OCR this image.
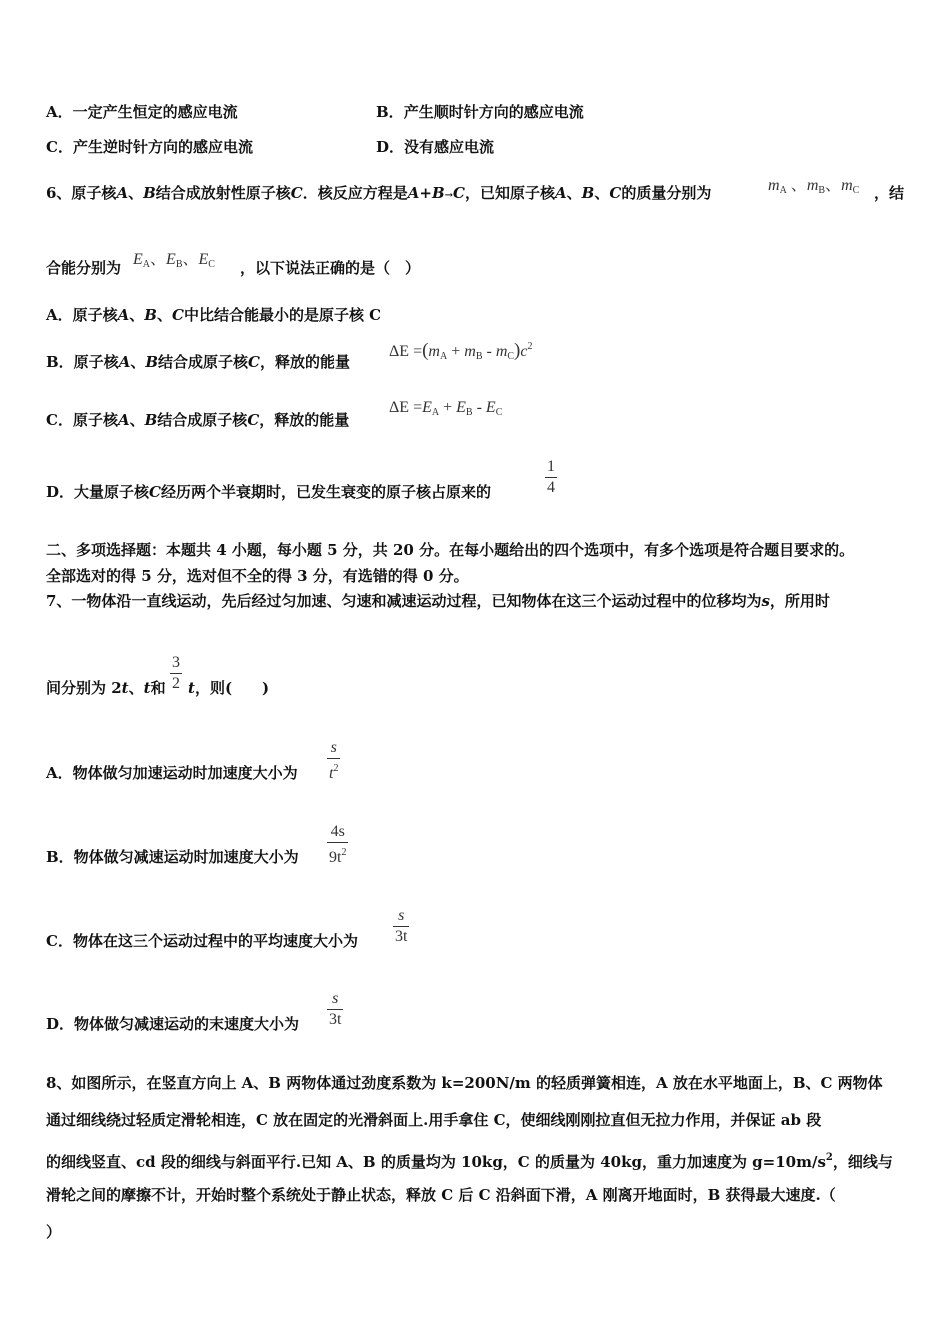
A．一定产生恒定的感应电流	B．产生顺时针方向的感应电流
C．产生逆时针方向的感应电流	D．没有感应电流
6、原子核A、B结合成放射性原子核C．核反应方程是A+B→C，已知原子核A、B、C的质量分别为	$m_A$ 、$m_B$、$m_C$ ，结
合能分别为 $E_A$、$E_B$、$E_C$ ，以下说法正确的是（　）
A．原子核A、B、C中比结合能最小的是原子核 C
B．原子核A、B结合成原子核C，释放的能量
$\Delta E =(m_A + m_B - m_C)c^2$
C．原子核A、B结合成原子核C，释放的能量
$\Delta E =E_A + E_B - E_C$
D．大量原子核C经历两个半衰期时，已发生衰变的原子核占原来的	$\frac{1}{4}$
二、多项选择题：本题共 4 小题，每小题 5 分，共 20 分。在每小题给出的四个选项中，有多个选项是符合题目要求的。
全部选对的得 5 分，选对但不全的得 3 分，有选错的得 0 分。
7、一物体沿一直线运动，先后经过匀加速、匀速和减速运动过程，已知物体在这三个运动过程中的位移均为s，所用时
间分别为 2t、t和 $\frac{3}{2}$ t，则(　　)
A．物体做匀加速运动时加速度大小为 $\frac{s}{t^2}$
B．物体做匀减速运动时加速度大小为 $\frac{4s}{9t^2}$
C．物体在这三个运动过程中的平均速度大小为 $\frac{s}{3t}$
D．物体做匀减速运动的末速度大小为 $\frac{s}{3t}$
8、如图所示，在竖直方向上 A、B 两物体通过劲度系数为 k=200N/m 的轻质弹簧相连，A 放在水平地面上，B、C 两物体
通过细线绕过轻质定滑轮相连，C 放在固定的光滑斜面上.用手拿住 C，使细线刚刚拉直但无拉力作用，并保证 ab 段
的细线竖直、cd 段的细线与斜面平行.已知 A、B 的质量均为 10kg，C 的质量为 40kg，重力加速度为 $g=10m/s^2$，细线与
滑轮之间的摩擦不计，开始时整个系统处于静止状态，释放 C 后 C 沿斜面下滑，A 刚离开地面时，B 获得最大速度.（
）
